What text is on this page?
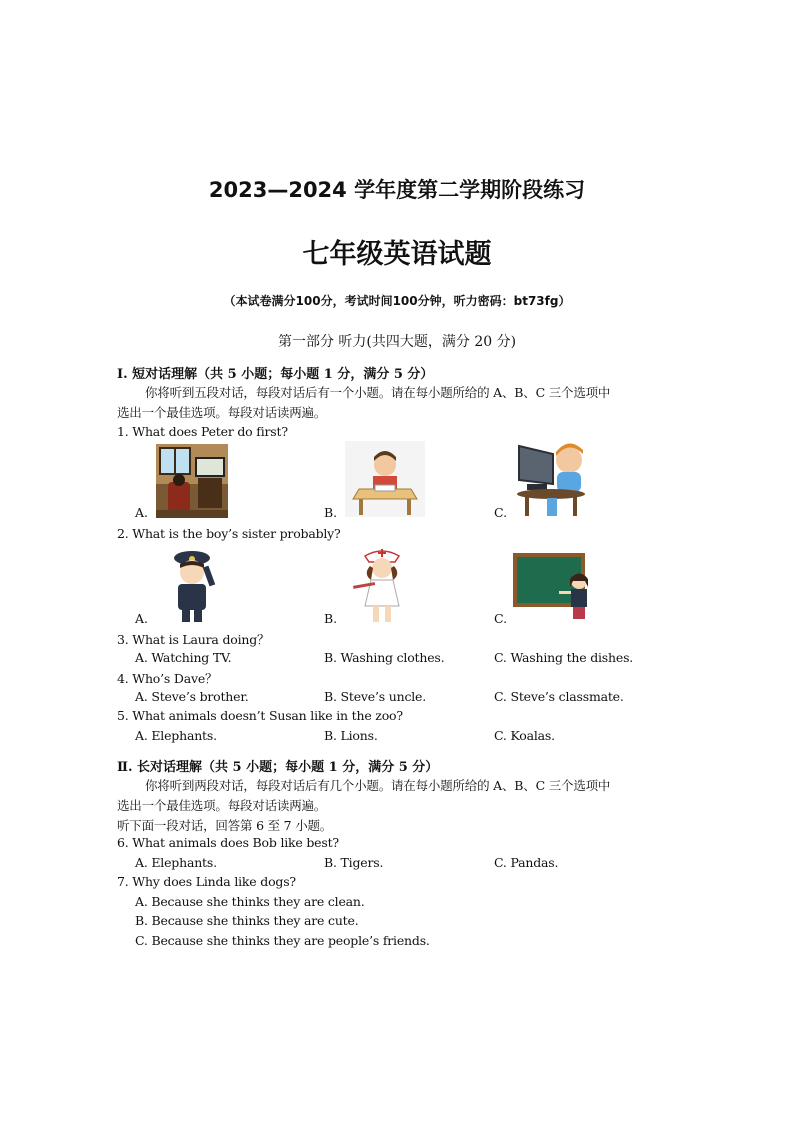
2023—2024 学年度第二学期阶段练习
七年级英语试题
（本试卷满分100分，考试时间100分钟，听力密码：bt73fg）
第一部分 听力(共四大题，满分 20 分)
I. 短对话理解（共 5 小题；每小题 1 分，满分 5 分）
你将听到五段对话，每段对话后有一个小题。请在每小题所给的 A、B、C 三个选项中
选出一个最佳选项。每段对话读两遍。
1. What does Peter do first?
A.	B.	C.
2. What is the boy’s sister probably?
A.	B.	C.
3. What is Laura doing？
A. Watching TV.	B. Washing clothes.	C. Washing the dishes.
4. Who’s Dave？
A. Steve’s brother.	B. Steve’s uncle.	C. Steve’s classmate.
5. What animals doesn’t Susan like in the zoo?
A. Elephants.	B. Lions.	C. Koalas.
Ⅱ. 长对话理解（共 5 小题；每小题 1 分，满分 5 分）
你将听到两段对话，每段对话后有几个小题。请在每小题所给的 A、B、C 三个选项中
选出一个最佳选项。每段对话读两遍。
听下面一段对话，回答第 6 至 7 小题。
6. What animals does Bob like best?
A. Elephants.	B. Tigers.	C. Pandas.
7. Why does Linda like dogs?
A. Because she thinks they are clean.
B. Because she thinks they are cute.
C. Because she thinks they are people’s friends.
